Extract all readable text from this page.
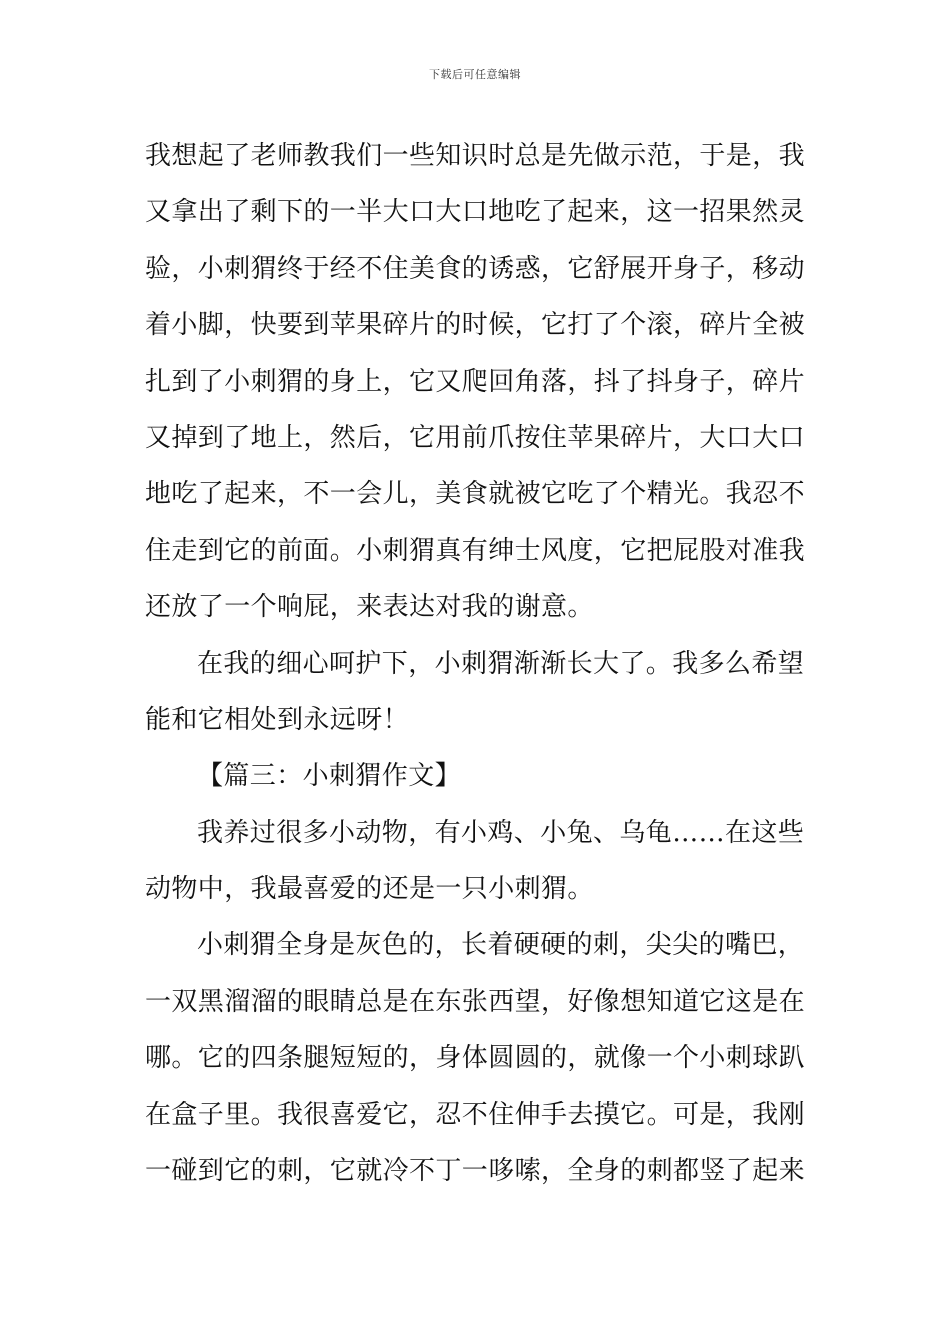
下载后可任意编辑
我想起了老师教我们一些知识时总是先做示范，于是，我
又拿出了剩下的一半大口大口地吃了起来，这一招果然灵
验，小刺猬终于经不住美食的诱惑，它舒展开身子，移动
着小脚，快要到苹果碎片的时候，它打了个滚，碎片全被
扎到了小刺猬的身上，它又爬回角落，抖了抖身子，碎片
又掉到了地上，然后，它用前爪按住苹果碎片，大口大口
地吃了起来，不一会儿，美食就被它吃了个精光。我忍不
住走到它的前面。小刺猬真有绅士风度，它把屁股对准我
还放了一个响屁，来表达对我的谢意。
在我的细心呵护下，小刺猬渐渐长大了。我多么希望
能和它相处到永远呀！
【篇三：小刺猬作文】
我养过很多小动物，有小鸡、小兔、乌龟……在这些
动物中，我最喜爱的还是一只小刺猬。
小刺猬全身是灰色的，长着硬硬的刺，尖尖的嘴巴，
一双黑溜溜的眼睛总是在东张西望，好像想知道它这是在
哪。它的四条腿短短的，身体圆圆的，就像一个小刺球趴
在盒子里。我很喜爱它，忍不住伸手去摸它。可是，我刚
一碰到它的刺，它就冷不丁一哆嗦，全身的刺都竖了起来
